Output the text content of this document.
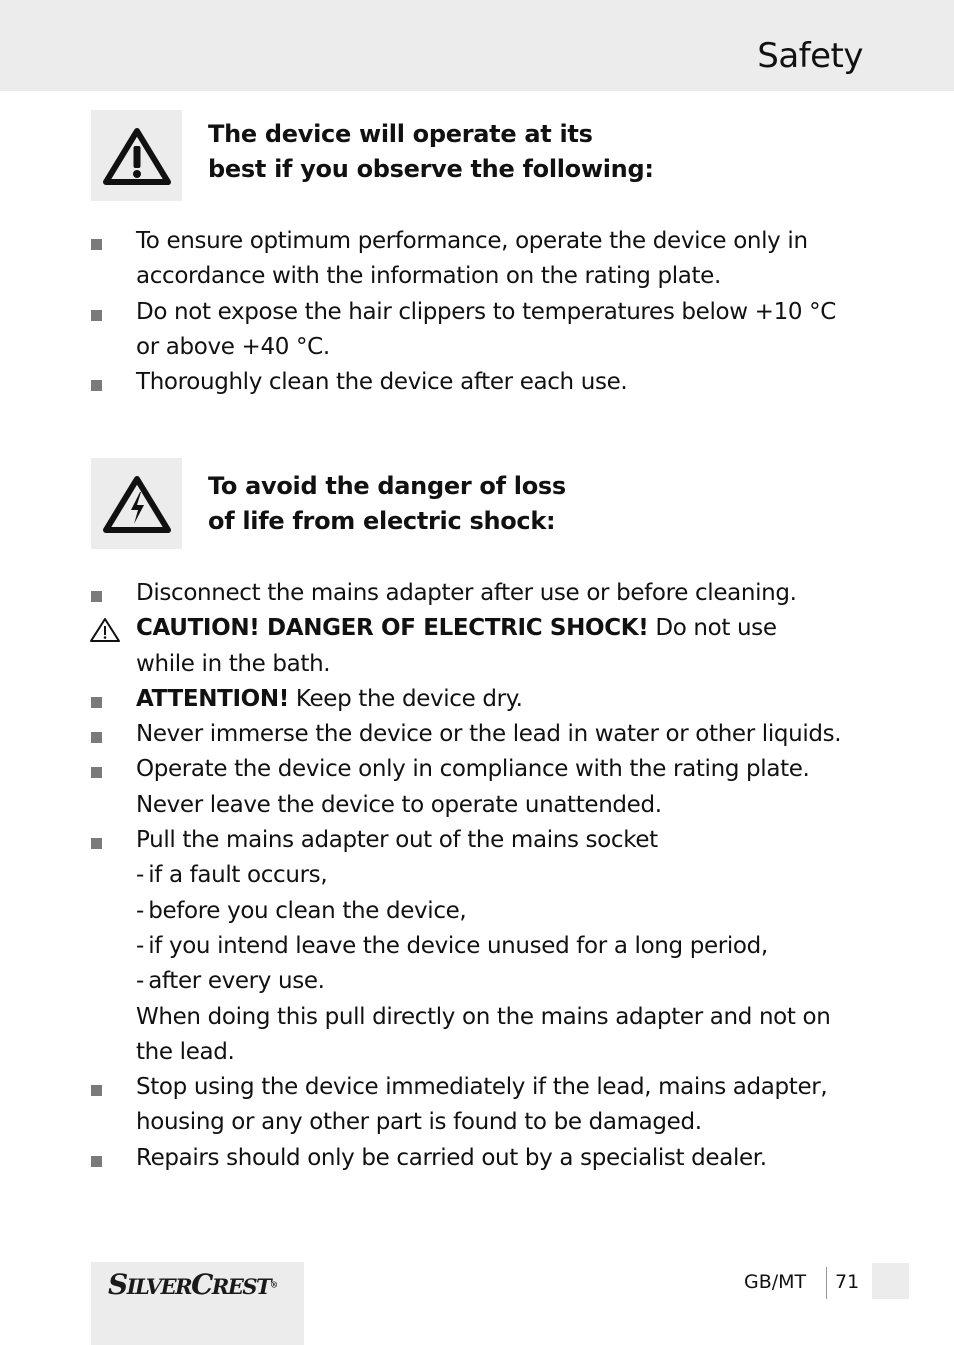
Safety
The device will operate at its
best if you observe the following:
To ensure optimum performance, operate the device only in
accordance with the information on the rating plate.
Do not expose the hair clippers to temperatures below +10 °C
or above +40 °C.
Thoroughly clean the device after each use.
To avoid the danger of loss
of life from electric shock:
Disconnect the mains adapter after use or before cleaning.
CAUTION! DANGER OF ELECTRIC SHOCK! Do not use
while in the bath.
ATTENTION! Keep the device dry.
Never immerse the device or the lead in water or other liquids.
Operate the device only in compliance with the rating plate.
Never leave the device to operate unattended.
Pull the mains adapter out of the mains socket
- if a fault occurs,
- before you clean the device,
- if you intend leave the device unused for a long period,
- after every use.
When doing this pull directly on the mains adapter and not on
the lead.
Stop using the device immediately if the lead, mains adapter,
housing or any other part is found to be damaged.
Repairs should only be carried out by a specialist dealer.
SILVERCREST®	GB/MT 71
